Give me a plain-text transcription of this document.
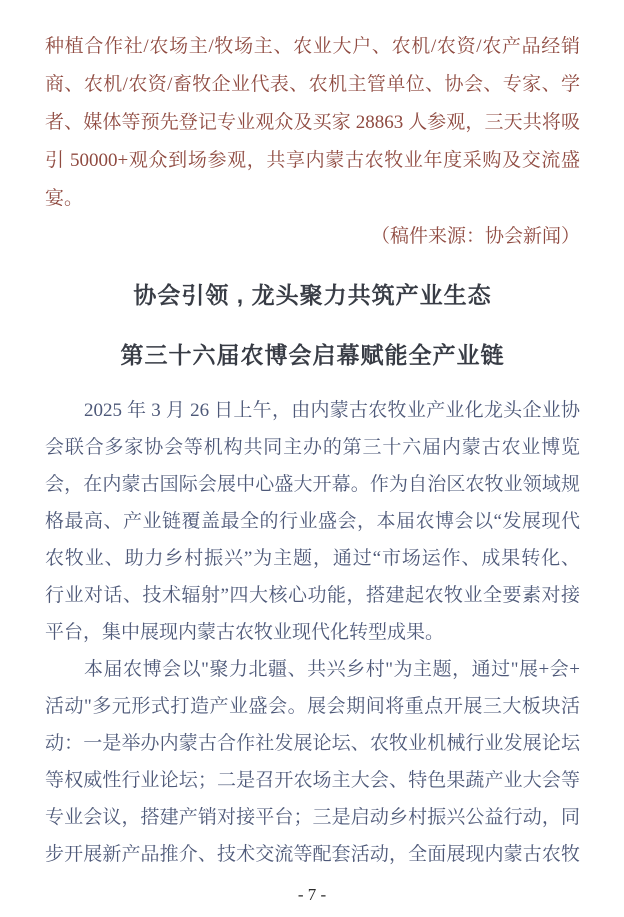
种植合作社/农场主/牧场主、农业大户、农机/农资/农产品经销
商、农机/农资/畜牧企业代表、农机主管单位、协会、专家、学
者、媒体等预先登记专业观众及买家 28863 人参观，三天共将吸
引 50000+观众到场参观，共享内蒙古农牧业年度采购及交流盛
宴。
（稿件来源：协会新闻）
协会引领 , 龙头聚力共筑产业生态
第三十六届农博会启幕赋能全产业链
2025 年 3 月 26 日上午，由内蒙古农牧业产业化龙头企业协
会联合多家协会等机构共同主办的第三十六届内蒙古农业博览
会，在内蒙古国际会展中心盛大开幕。作为自治区农牧业领域规
格最高、产业链覆盖最全的行业盛会，本届农博会以“发展现代
农牧业、助力乡村振兴”为主题，通过“市场运作、成果转化、
行业对话、技术辐射”四大核心功能，搭建起农牧业全要素对接
平台，集中展现内蒙古农牧业现代化转型成果。
本届农博会以"聚力北疆、共兴乡村"为主题，通过"展+会+
活动"多元形式打造产业盛会。展会期间将重点开展三大板块活
动：一是举办内蒙古合作社发展论坛、农牧业机械行业发展论坛
等权威性行业论坛；二是召开农场主大会、特色果蔬产业大会等
专业会议，搭建产销对接平台；三是启动乡村振兴公益行动，同
步开展新产品推介、技术交流等配套活动，全面展现内蒙古农牧
- 7 -
